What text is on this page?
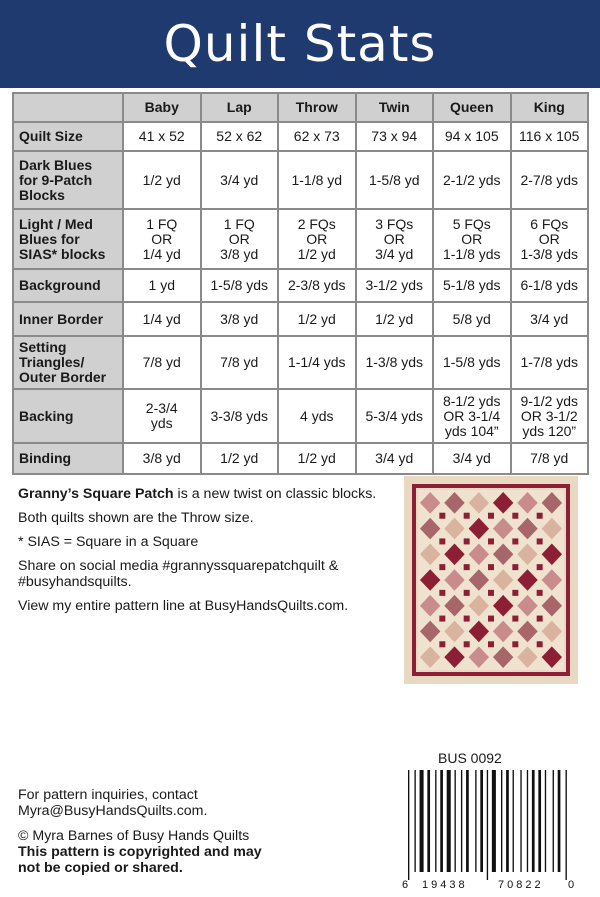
Quilt Stats
	Baby	Lap	Throw	Twin	Queen	King
Quilt Size	41 x 52	52 x 62	62 x 73	73 x 94	94 x 105	116 x 105
Dark Blues
for 9-Patch
Blocks	1/2 yd	3/4 yd	1-1/8 yd	1-5/8 yd	2-1/2 yds	2-7/8 yds
Light / Med
Blues for
SIAS* blocks	1 FQ
OR
1/4 yd	1 FQ
OR
3/8 yd	2 FQs
OR
1/2 yd	3 FQs
OR
3/4 yd	5 FQs
OR
1-1/8 yds	6 FQs
OR
1-3/8 yds
Background	1 yd	1-5/8 yds	2-3/8 yds	3-1/2 yds	5-1/8 yds	6-1/8 yds
Inner Border	1/4 yd	3/8 yd	1/2 yd	1/2 yd	5/8 yd	3/4 yd
Setting
Triangles/
Outer Border	7/8 yd	7/8 yd	1-1/4 yds	1-3/8 yds	1-5/8 yds	1-7/8 yds
Backing	2-3/4
yds	3-3/8 yds	4 yds	5-3/4 yds	8-1/2 yds
OR 3-1/4
yds 104”	9-1/2 yds
OR 3-1/2
yds 120”
Binding	3/8 yd	1/2 yd	1/2 yd	3/4 yd	3/4 yd	7/8 yd

Granny’s Square Patch is a new twist on classic blocks.

Both quilts shown are the Throw size.

* SIAS = Square in a Square

Share on social media #grannyssquarepatchquilt &
#busyhandsquilts.

View my entire pattern line at BusyHandsQuilts.com.

For pattern inquiries, contact
Myra@BusyHandsQuilts.com.

© Myra Barnes of Busy Hands Quilts
This pattern is copyrighted and may
not be copied or shared.

BUS 0092
6 19438	70822 0
